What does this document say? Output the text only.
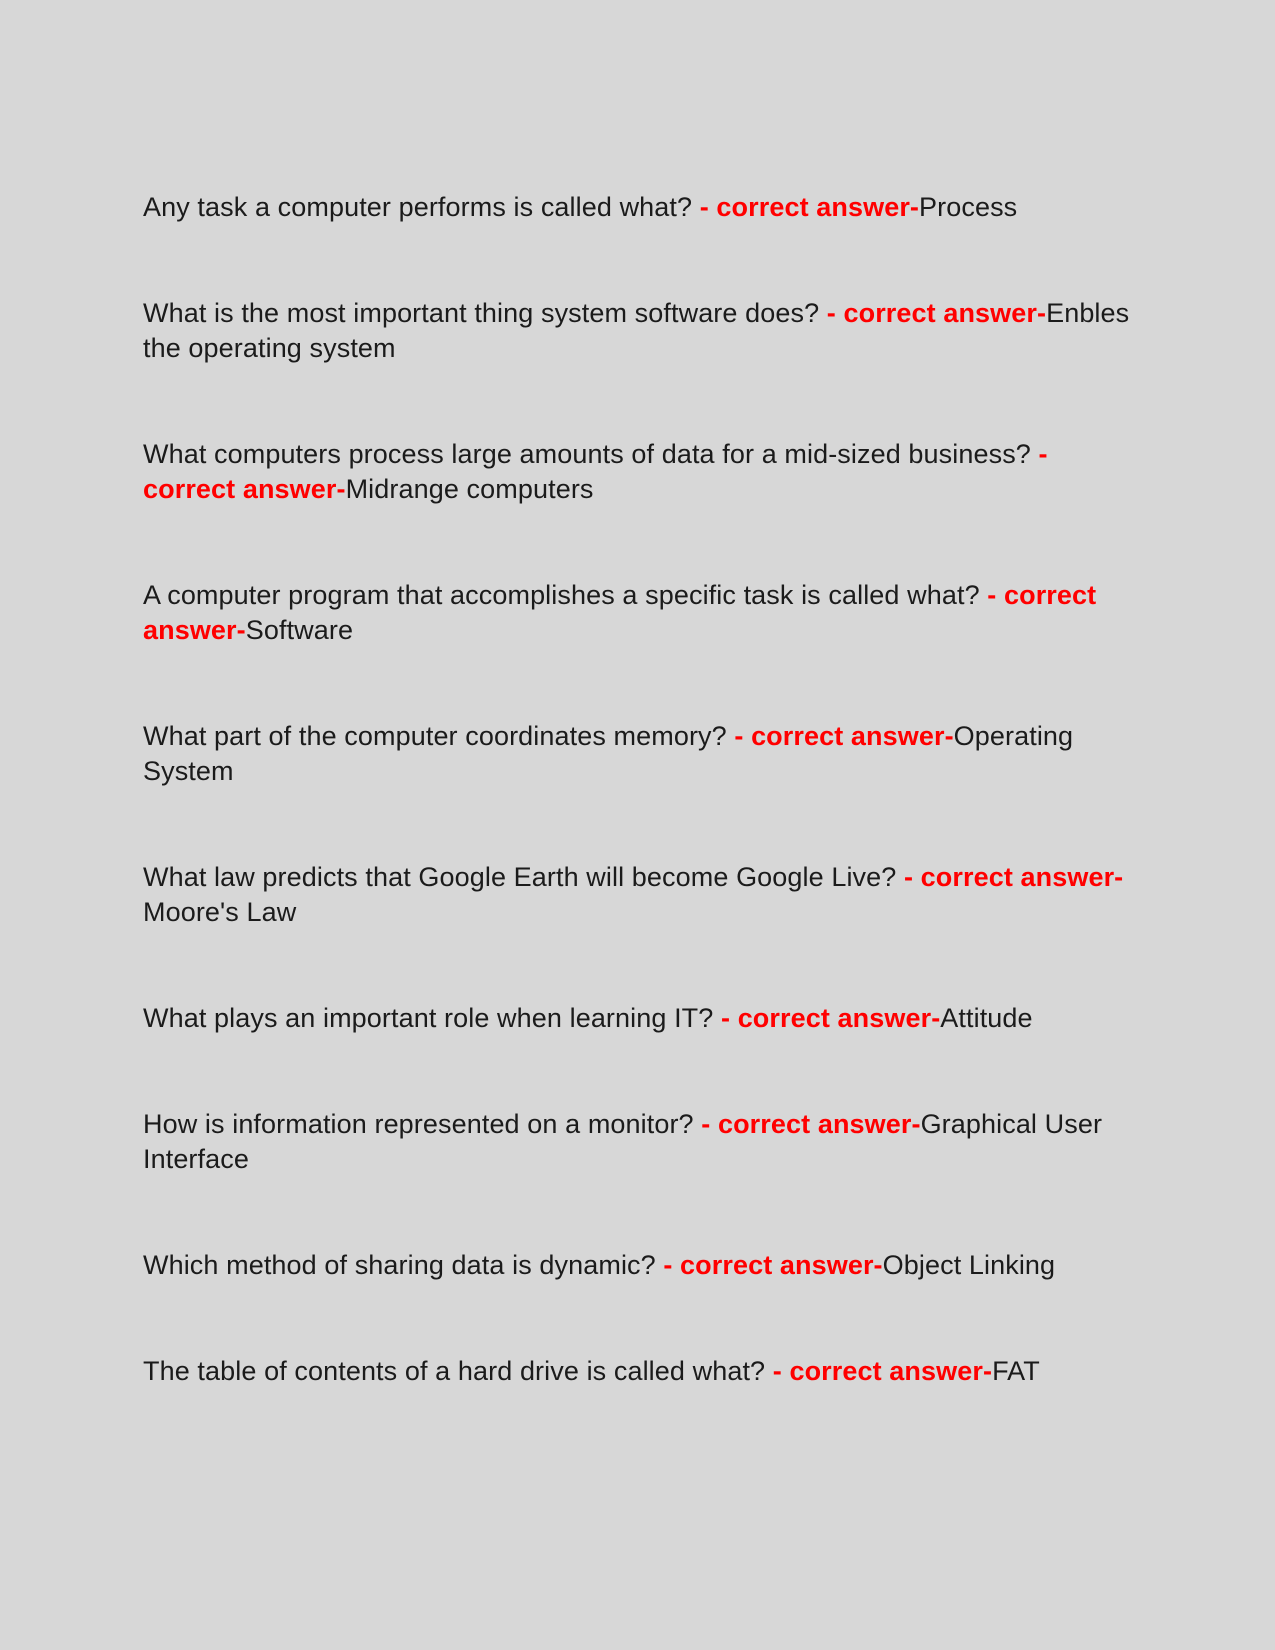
Any task a computer performs is called what? - correct answer-Process

What is the most important thing system software does? - correct answer-Enbles the operating system

What computers process large amounts of data for a mid-sized business? - correct answer-Midrange computers

A computer program that accomplishes a specific task is called what? - correct answer-Software

What part of the computer coordinates memory? - correct answer-Operating System

What law predicts that Google Earth will become Google Live? - correct answer-Moore's Law

What plays an important role when learning IT? - correct answer-Attitude

How is information represented on a monitor? - correct answer-Graphical User Interface

Which method of sharing data is dynamic? - correct answer-Object Linking

The table of contents of a hard drive is called what? - correct answer-FAT
